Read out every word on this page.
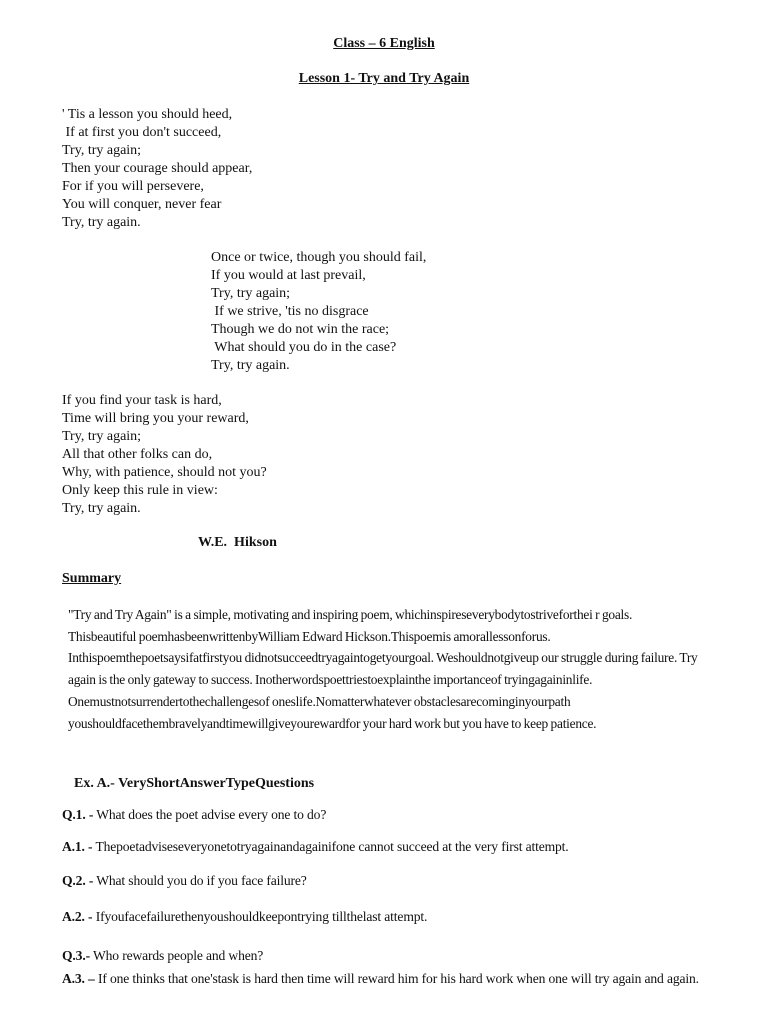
Class – 6 English
Lesson 1- Try and Try Again
' Tis a lesson you should heed,
If at first you don't succeed,
Try, try again;
Then your courage should appear,
For if you will persevere,
You will conquer, never fear
Try, try again.
Once or twice, though you should fail,
If you would at last prevail,
Try, try again;
If we strive, 'tis no disgrace
Though we do not win the race;
What should you do in the case?
Try, try again.
If you find your task is hard,
Time will bring you your reward,
Try, try again;
All that other folks can do,
Why, with patience, should not you?
Only keep this rule in view:
Try, try again.
W.E.  Hikson
Summary
"Try and Try Again" is a simple, motivating and inspiring poem, whichinspireseverybodytostriveforthei r goals. Thisbeautiful poemhasbeenwrittenbyWilliam Edward Hickson.Thispoemis amorallessonforus. Inthispoemthepoetsaysifatfirstyou didnotsucceedtryagaintogetyourgoal. Weshouldnotgiveup our struggle during failure. Try again is the only gateway to success. Inotherwordspoettriestoexplainthe importanceof tryingagaininlife. Onemustnotsurrendertothechallengesof oneslife.Nomatterwhatever obstaclesarecominginyourpath youshouldfacethembravelyandtimewillgiveyourewardfor your hard work but you have to keep patience.
Ex. A.- VeryShortAnswerTypeQuestions
Q.1. - What does the poet advise every one to do?
A.1. - Thepoetadviseseveryonetotryagainandagainifone cannot succeed at the very first attempt.
Q.2. - What should you do if you face failure?
A.2. - Ifyoufacefailurethenyoushouldkeepontrying tillthelast attempt.
Q.3.- Who rewards people and when?
A.3. – If one thinks that one'stask is hard then time will reward him for his hard work when one will try again and again.
